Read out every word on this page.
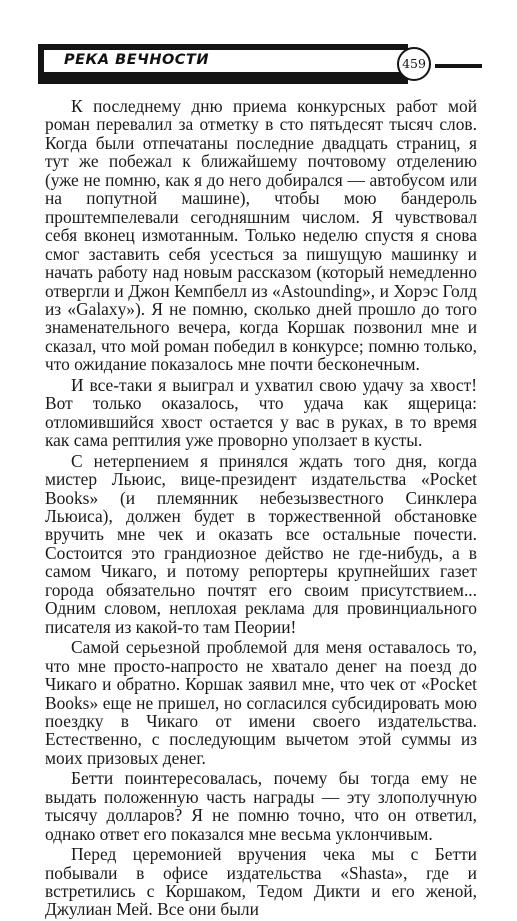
РЕКА ВЕЧНОСТИ	459

К последнему дню приема конкурсных работ мой роман перевалил за отметку в сто пятьдесят тысяч слов. Когда были отпечатаны последние двадцать страниц, я тут же побежал к ближайшему почтовому отделению (уже не помню, как я до него добирался — автобусом или на попутной машине), чтобы мою бандероль проштемпелевали сегодняшним числом. Я чувствовал себя вконец измотанным. Только неделю спустя я снова смог заставить себя усесться за пишущую машинку и начать работу над новым рассказом (который немедленно отвергли и Джон Кемпбелл из «Astounding», и Хорэс Голд из «Galaxy»). Я не помню, сколько дней прошло до того знаменательного вечера, когда Коршак позвонил мне и сказал, что мой роман победил в конкурсе; помню только, что ожидание показалось мне почти бесконечным.

И все-таки я выиграл и ухватил свою удачу за хвост! Вот только оказалось, что удача как ящерица: отломившийся хвост остается у вас в руках, в то время как сама рептилия уже проворно уползает в кусты.

С нетерпением я принялся ждать того дня, когда мистер Льюис, вице-президент издательства «Pocket Books» (и племянник небезызвестного Синклера Льюиса), должен будет в торжественной обстановке вручить мне чек и оказать все остальные почести. Состоится это грандиозное действо не где-нибудь, а в самом Чикаго, и потому репортеры крупнейших газет города обязательно почтят его своим присутствием... Одним словом, неплохая реклама для провинциального писателя из какой-то там Пеории!

Самой серьезной проблемой для меня оставалось то, что мне просто-напросто не хватало денег на поезд до Чикаго и обратно. Коршак заявил мне, что чек от «Pocket Books» еще не пришел, но согласился субсидировать мою поездку в Чикаго от имени своего издательства. Естественно, с последующим вычетом этой суммы из моих призовых денег.

Бетти поинтересовалась, почему бы тогда ему не выдать положенную часть награды — эту злополучную тысячу долларов? Я не помню точно, что он ответил, однако ответ его показался мне весьма уклончивым.

Перед церемонией вручения чека мы с Бетти побывали в офисе издательства «Shasta», где и встретились с Коршаком, Тедом Дикти и его женой, Джулиан Мей. Все они были
